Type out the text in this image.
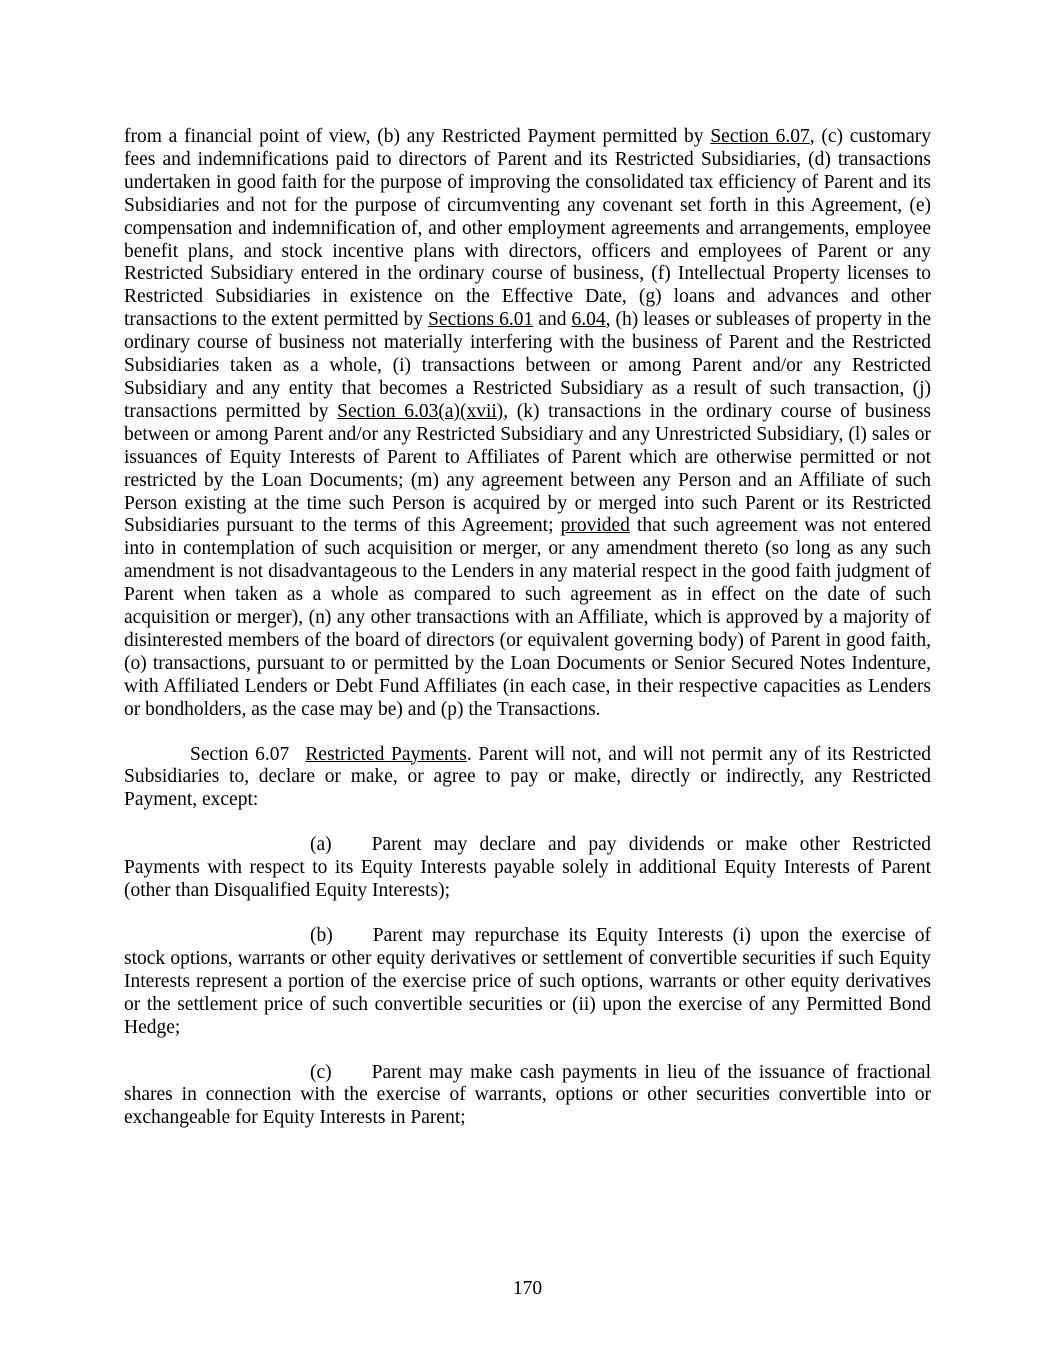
from a financial point of view, (b) any Restricted Payment permitted by Section 6.07, (c) customary fees and indemnifications paid to directors of Parent and its Restricted Subsidiaries, (d) transactions undertaken in good faith for the purpose of improving the consolidated tax efficiency of Parent and its Subsidiaries and not for the purpose of circumventing any covenant set forth in this Agreement, (e) compensation and indemnification of, and other employment agreements and arrangements, employee benefit plans, and stock incentive plans with directors, officers and employees of Parent or any Restricted Subsidiary entered in the ordinary course of business, (f) Intellectual Property licenses to Restricted Subsidiaries in existence on the Effective Date, (g) loans and advances and other transactions to the extent permitted by Sections 6.01 and 6.04, (h) leases or subleases of property in the ordinary course of business not materially interfering with the business of Parent and the Restricted Subsidiaries taken as a whole, (i) transactions between or among Parent and/or any Restricted Subsidiary and any entity that becomes a Restricted Subsidiary as a result of such transaction, (j) transactions permitted by Section 6.03(a)(xvii), (k) transactions in the ordinary course of business between or among Parent and/or any Restricted Subsidiary and any Unrestricted Subsidiary, (l) sales or issuances of Equity Interests of Parent to Affiliates of Parent which are otherwise permitted or not restricted by the Loan Documents; (m) any agreement between any Person and an Affiliate of such Person existing at the time such Person is acquired by or merged into such Parent or its Restricted Subsidiaries pursuant to the terms of this Agreement; provided that such agreement was not entered into in contemplation of such acquisition or merger, or any amendment thereto (so long as any such amendment is not disadvantageous to the Lenders in any material respect in the good faith judgment of Parent when taken as a whole as compared to such agreement as in effect on the date of such acquisition or merger), (n) any other transactions with an Affiliate, which is approved by a majority of disinterested members of the board of directors (or equivalent governing body) of Parent in good faith, (o) transactions, pursuant to or permitted by the Loan Documents or Senior Secured Notes Indenture, with Affiliated Lenders or Debt Fund Affiliates (in each case, in their respective capacities as Lenders or bondholders, as the case may be) and (p) the Transactions.

Section 6.07 Restricted Payments. Parent will not, and will not permit any of its Restricted Subsidiaries to, declare or make, or agree to pay or make, directly or indirectly, any Restricted Payment, except:

(a) Parent may declare and pay dividends or make other Restricted Payments with respect to its Equity Interests payable solely in additional Equity Interests of Parent (other than Disqualified Equity Interests);

(b) Parent may repurchase its Equity Interests (i) upon the exercise of stock options, warrants or other equity derivatives or settlement of convertible securities if such Equity Interests represent a portion of the exercise price of such options, warrants or other equity derivatives or the settlement price of such convertible securities or (ii) upon the exercise of any Permitted Bond Hedge;

(c) Parent may make cash payments in lieu of the issuance of fractional shares in connection with the exercise of warrants, options or other securities convertible into or exchangeable for Equity Interests in Parent;

170
